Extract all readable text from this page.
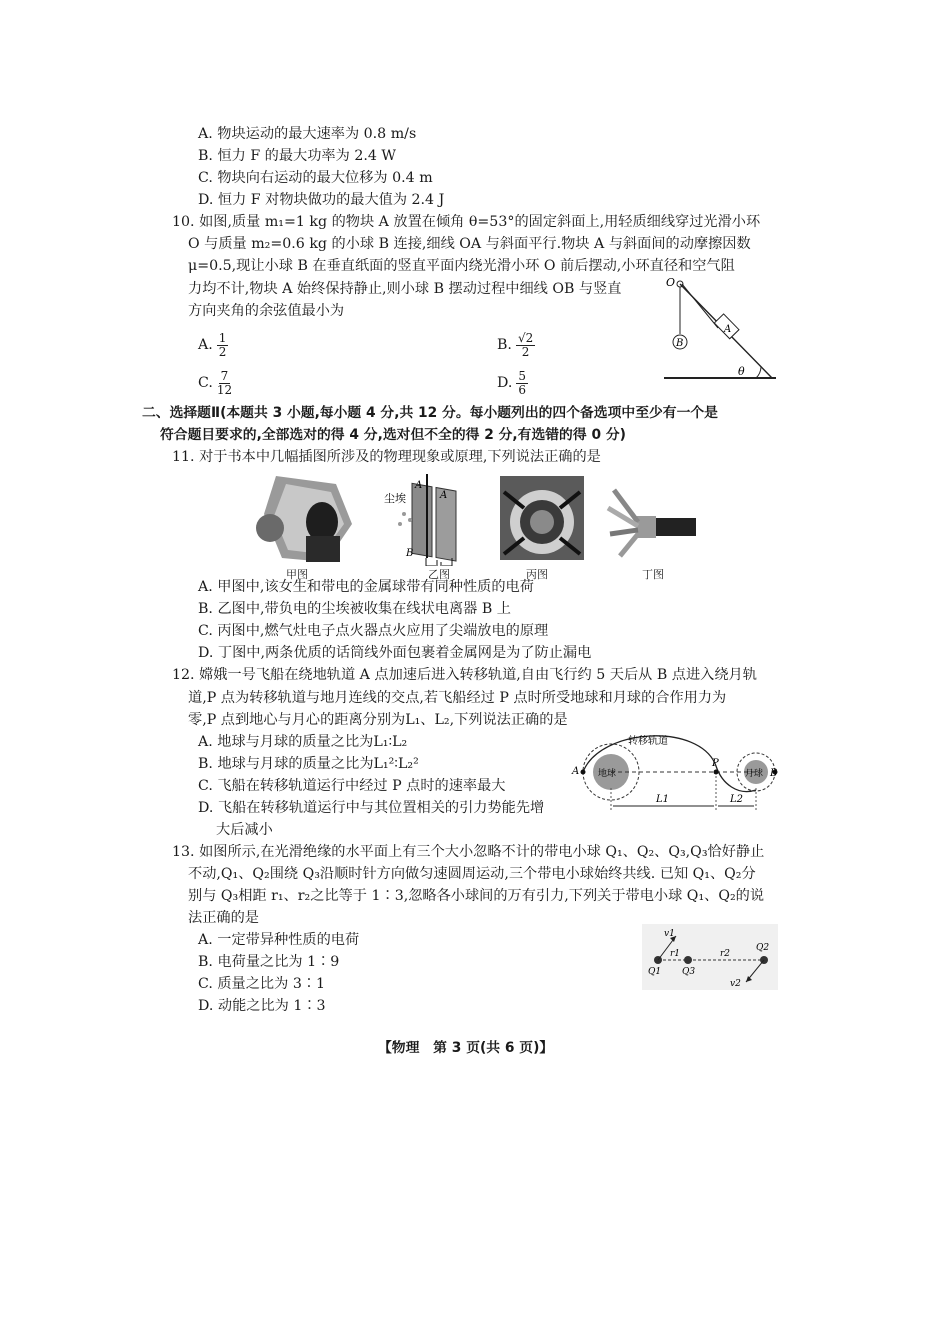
A. 物块运动的最大速率为 0.8 m/s
B. 恒力 F 的最大功率为 2.4 W
C. 物块向右运动的最大位移为 0.4 m
D. 恒力 F 对物块做功的最大值为 2.4 J
10. 如图,质量 m₁=1 kg 的物块 A 放置在倾角 θ=53°的固定斜面上,用轻质细线穿过光滑小环
O 与质量 m₂=0.6 kg 的小球 B 连接,细线 OA 与斜面平行.物块 A 与斜面间的动摩擦因数
μ=0.5,现让小球 B 在垂直纸面的竖直平面内绕光滑小环 O 前后摆动,小环直径和空气阻
力均不计,物块 A 始终保持静止,则小球 B 摆动过程中细线 OB 与竖直
方向夹角的余弦值最小为
A. $\frac{1}{2}$	B. $\frac{√2}{2}$
C. $\frac{7}{12}$	D. $\frac{5}{6}$
O
B
A
θ
二、选择题Ⅱ(本题共 3 小题,每小题 4 分,共 12 分。每小题列出的四个备选项中至少有一个是
符合题目要求的,全部选对的得 4 分,选对但不全的得 2 分,有选错的得 0 分)
11. 对于书本中几幅插图所涉及的物理现象或原理,下列说法正确的是
尘埃
A
A
B
甲图	乙图	丙图	丁图
A. 甲图中,该女生和带电的金属球带有同种性质的电荷
B. 乙图中,带负电的尘埃被收集在线状电离器 B 上
C. 丙图中,燃气灶电子点火器点火应用了尖端放电的原理
D. 丁图中,两条优质的话筒线外面包裹着金属网是为了防止漏电
12. 嫦娥一号飞船在绕地轨道 A 点加速后进入转移轨道,自由飞行约 5 天后从 B 点进入绕月轨
道,P 点为转移轨道与地月连线的交点,若飞船经过 P 点时所受地球和月球的合作用力为
零,P 点到地心与月心的距离分别为L₁、L₂,下列说法正确的是
A. 地球与月球的质量之比为L₁∶L₂
B. 地球与月球的质量之比为L₁²∶L₂²
C. 飞船在转移轨道运行中经过 P 点时的速率最大
D. 飞船在转移轨道运行中与其位置相关的引力势能先增
大后减小
转移轨道
地球	月球
A
P
B
L1	L2
13. 如图所示,在光滑绝缘的水平面上有三个大小忽略不计的带电小球 Q₁、Q₂、Q₃,Q₃恰好静止
不动,Q₁、Q₂围绕 Q₃沿顺时针方向做匀速圆周运动,三个带电小球始终共线. 已知 Q₁、Q₂分
别与 Q₃相距 r₁、r₂之比等于 1∶3,忽略各小球间的万有引力,下列关于带电小球 Q₁、Q₂的说
法正确的是
A. 一定带异种性质的电荷
B. 电荷量之比为 1∶9
C. 质量之比为 3∶1
D. 动能之比为 1∶3
v1
r1	r2
Q1
Q2
Q3
v2
【物理　第 3 页(共 6 页)】
